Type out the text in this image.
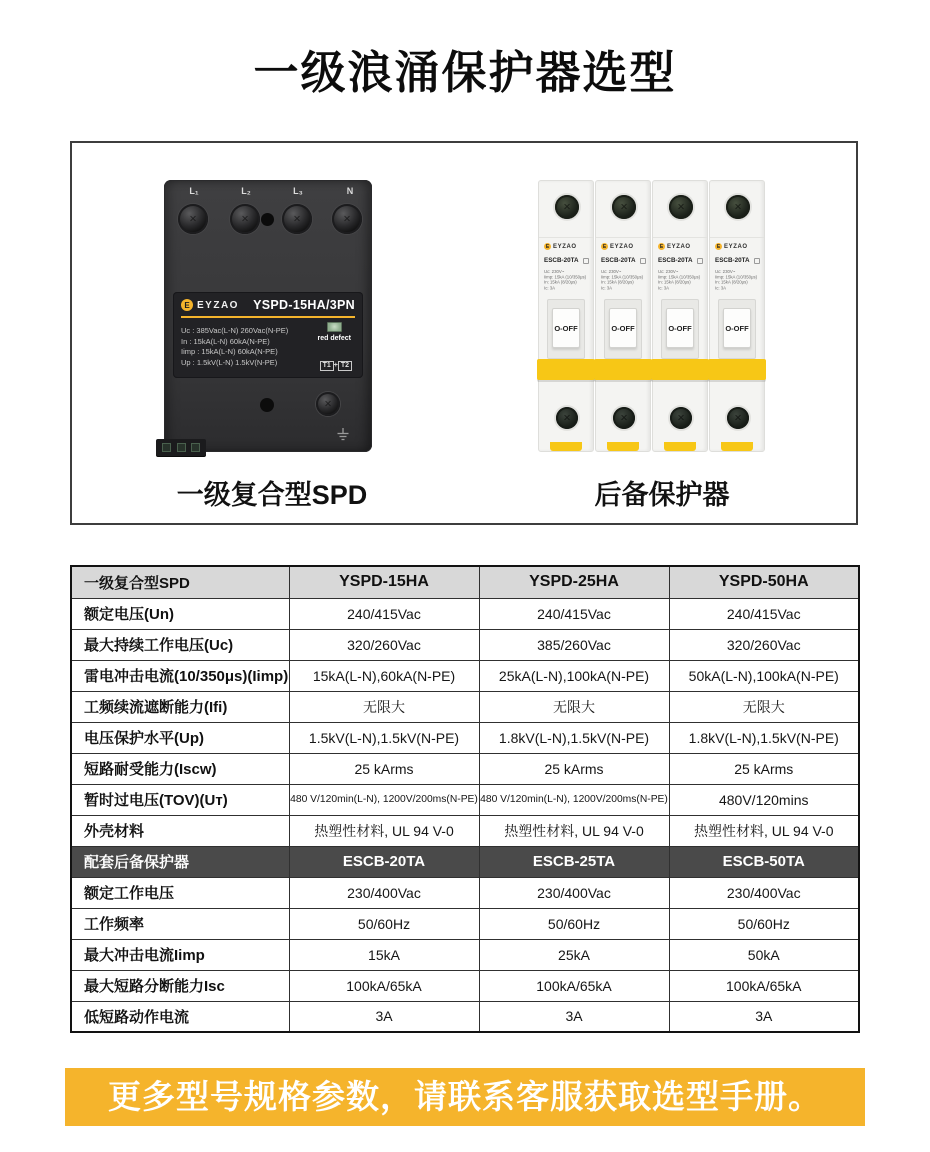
一级浪涌保护器选型
L₁	L₂	L₃	N
✕
✕
✕
✕
E EYZAO YSPD-15HA/3PN
red defect
Uc : 385Vac(L-N) 260Vac(N-PE)
In : 15kA(L-N) 60kA(N-PE)
Iimp : 15kA(L-N) 60kA(N-PE)
Up : 1.5kV(L-N) 1.5kV(N-PE)	T1 + T2
✕
✕
E EYZAO
ESCB-20TA
Uc: 230V~
Iimp: 15kA (10/350μs)
In: 15kA (8/20μs)
Ic: 3A
O-OFF
✕
✕
E EYZAO
ESCB-20TA
Uc: 230V~
Iimp: 15kA (10/350μs)
In: 15kA (8/20μs)
Ic: 3A
O-OFF
✕
✕
E EYZAO
ESCB-20TA
Uc: 230V~
Iimp: 15kA (10/350μs)
In: 15kA (8/20μs)
Ic: 3A
O-OFF
✕
✕
E EYZAO
ESCB-20TA
Uc: 230V~
Iimp: 15kA (10/350μs)
In: 15kA (8/20μs)
Ic: 3A
O-OFF
✕
一级复合型SPD	后备保护器
一级复合型SPD	YSPD-15HA	YSPD-25HA	YSPD-50HA
额定电压(Un)	240/415Vac	240/415Vac	240/415Vac
最大持续工作电压(Uc)	320/260Vac	385/260Vac	320/260Vac
雷电冲击电流(10/350μs)(Iimp)	15kA(L-N),60kA(N-PE)	25kA(L-N),100kA(N-PE)	50kA(L-N),100kA(N-PE)
工频续流遮断能力(Ifi)	无限大	无限大	无限大
电压保护水平(Up)	1.5kV(L-N),1.5kV(N-PE)	1.8kV(L-N),1.5kV(N-PE)	1.8kV(L-N),1.5kV(N-PE)
短路耐受能力(Iscw)	25 kArms	25 kArms	25 kArms
暂时过电压(TOV)(Uт)	480 V/120min(L-N), 1200V/200ms(N-PE)	480 V/120min(L-N), 1200V/200ms(N-PE)	480V/120mins
外壳材料	热塑性材料, UL 94 V-0	热塑性材料, UL 94 V-0	热塑性材料, UL 94 V-0
配套后备保护器	ESCB-20TA	ESCB-25TA	ESCB-50TA
额定工作电压	230/400Vac	230/400Vac	230/400Vac
工作频率	50/60Hz	50/60Hz	50/60Hz
最大冲击电流Iimp	15kA	25kA	50kA
最大短路分断能力Isc	100kA/65kA	100kA/65kA	100kA/65kA
低短路动作电流	3A	3A	3A
更多型号规格参数，请联系客服获取选型手册。
